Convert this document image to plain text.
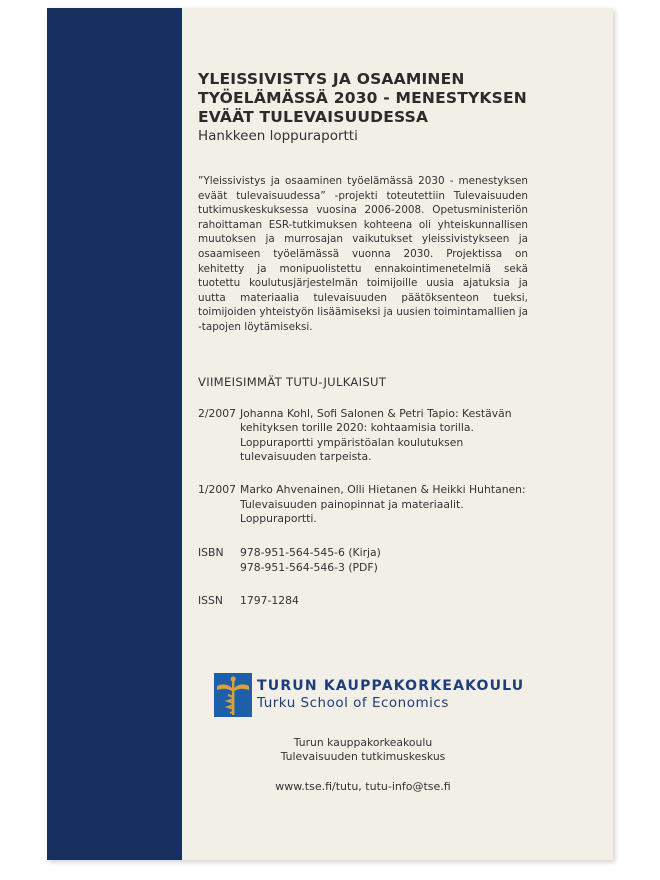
YLEISSIVISTYS JA OSAAMINEN
TYÖELÄMÄSSÄ 2030 - MENESTYKSEN
EVÄÄT TULEVAISUUDESSA
Hankkeen loppuraportti
”Yleissivistys ja osaaminen työelämässä 2030 - menestyksen eväät tulevaisuudessa” -projekti toteutettiin Tulevaisuuden tutkimuskeskuksessa vuosina 2006-2008. Opetusministeriön rahoittaman ESR-tutkimuksen kohteena oli yhteiskunnallisen muutoksen ja murrosajan vaikutukset yleissivistykseen ja osaamiseen työelämässä vuonna 2030. Projektissa on kehitetty ja monipuolistettu ennakointimenetelmiä sekä tuotettu koulutusjärjestelmän toimijoille uusia ajatuksia ja uutta materiaalia tulevaisuuden päätöksenteon tueksi, toimijoiden yhteistyön lisäämiseksi ja uusien toimintamallien ja -tapojen löytämiseksi.
VIIMEISIMMÄT TUTU-JULKAISUT
2/2007 Johanna Kohl, Sofi Salonen & Petri Tapio: Kestävän kehityksen torille 2020: kohtaamisia torilla. Loppuraportti ympäristöalan koulutuksen tulevaisuuden tarpeista.
1/2007 Marko Ahvenainen, Olli Hietanen & Heikki Huhtanen: Tulevaisuuden painopinnat ja materiaalit. Loppuraportti.
ISBN	978-951-564-545-6 (Kirja)
978-951-564-546-3 (PDF)
ISSN	1797-1284
TURUN KAUPPAKORKEAKOULU
Turku School of Economics
Turun kauppakorkeakoulu
Tulevaisuuden tutkimuskeskus
www.tse.fi/tutu, tutu-info@tse.fi
